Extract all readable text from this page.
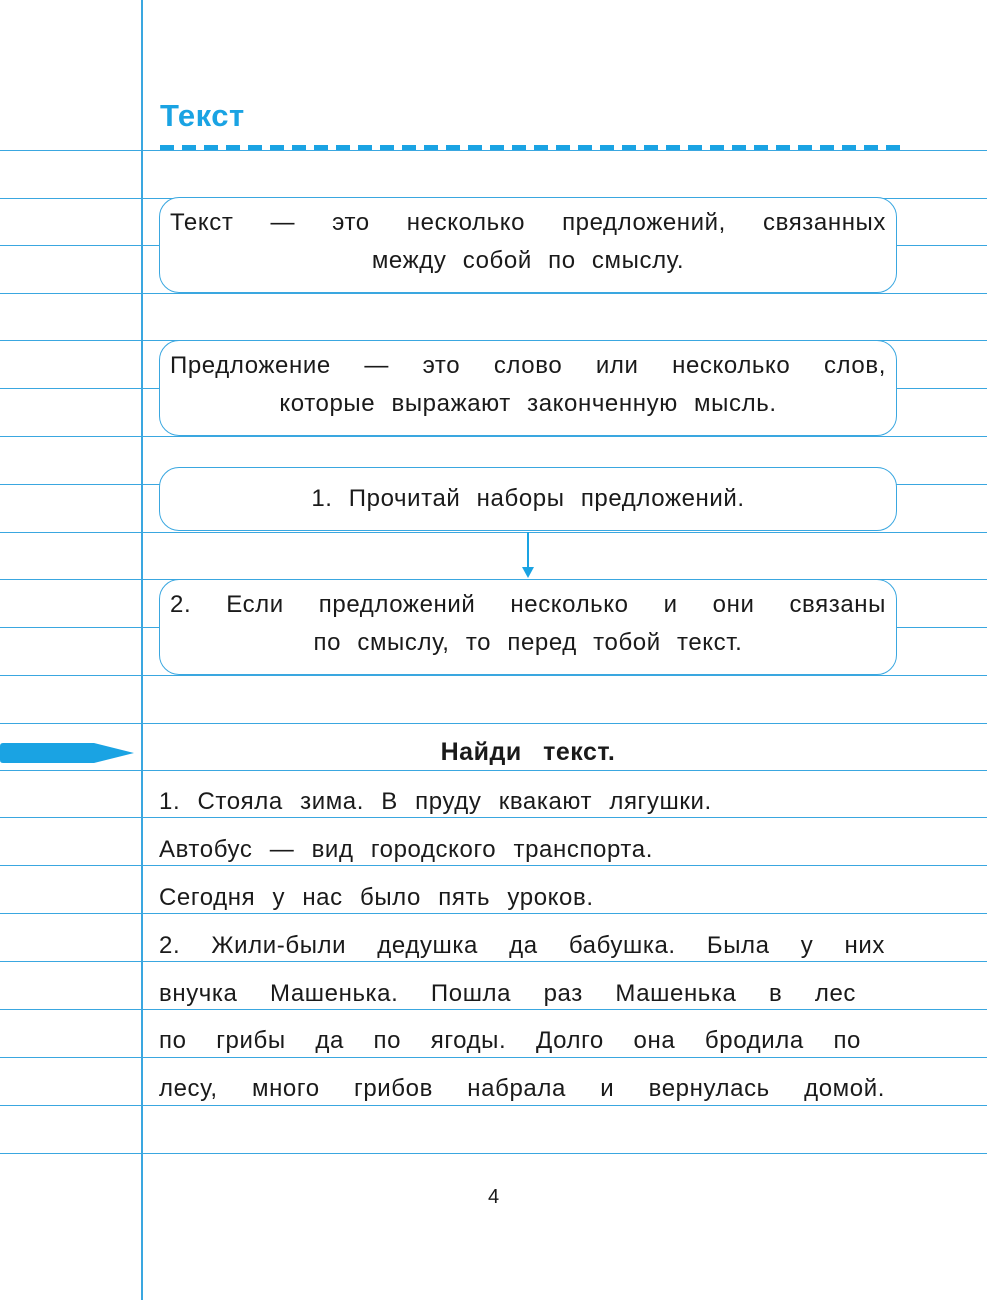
Текст
Текст — это несколько предложений, связанных
между собой по смыслу.
Предложение — это слово или несколько слов,
которые выражают законченную мысль.
1. Прочитай наборы предложений.
2. Если предложений несколько и они связаны
по смыслу, то перед тобой текст.
Найди текст.
1. Стояла зима. В пруду квакают лягушки.
Автобус — вид городского транспорта.
Сегодня у нас было пять уроков.
2. Жили-были дедушка да бабушка. Была у них
внучка Машенька. Пошла раз Машенька в лес
по грибы да по ягоды. Долго она бродила по
лесу, много грибов набрала и вернулась домой.
4
